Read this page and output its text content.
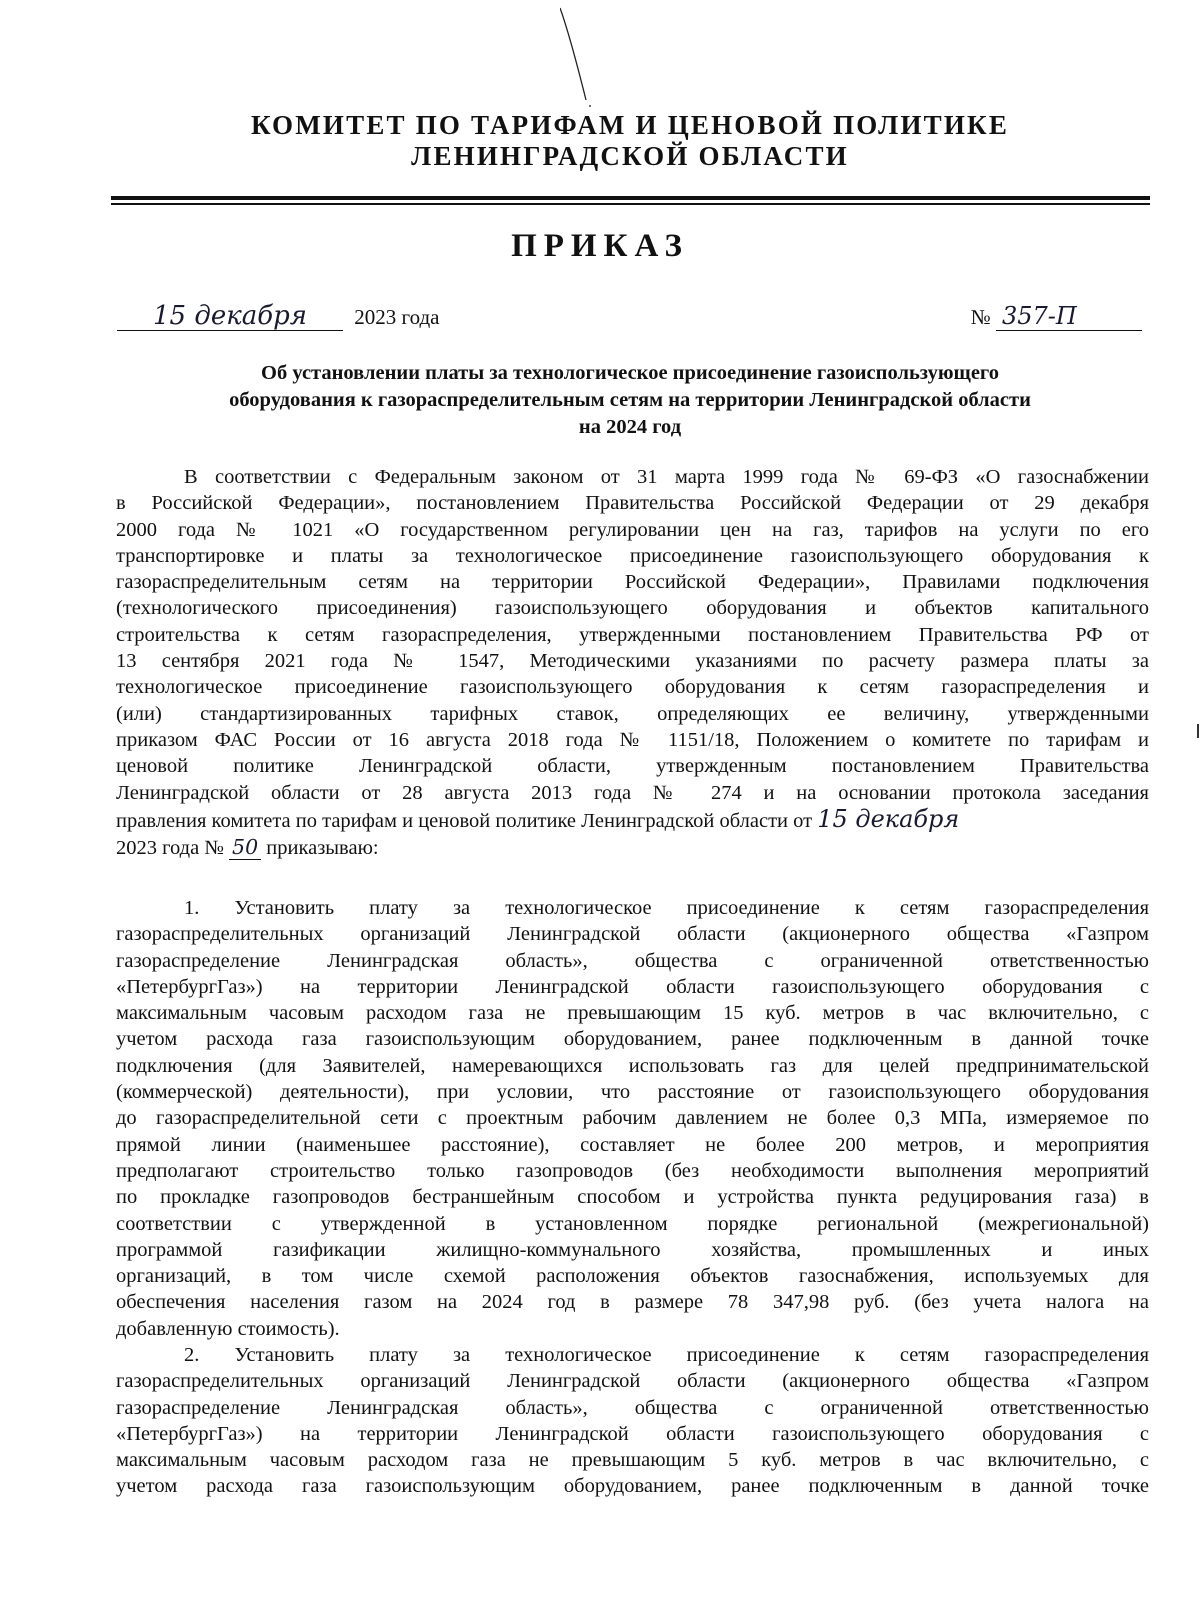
КОМИТЕТ ПО ТАРИФАМ И ЦЕНОВОЙ ПОЛИТИКЕ
ЛЕНИНГРАДСКОЙ ОБЛАСТИ
ПРИКАЗ
15 декабря 2023 года	№ 357-П
Об установлении платы за технологическое присоединение газоиспользующего
оборудования к газораспределительным сетям на территории Ленинградской области
на 2024 год
В соответствии с Федеральным законом от 31 марта 1999 года № 69-ФЗ «О газоснабжении
в Российской Федерации», постановлением Правительства Российской Федерации от 29 декабря
2000 года № 1021 «О государственном регулировании цен на газ, тарифов на услуги по его
транспортировке и платы за технологическое присоединение газоиспользующего оборудования к
газораспределительным сетям на территории Российской Федерации», Правилами подключения
(технологического присоединения) газоиспользующего оборудования и объектов капитального
строительства к сетям газораспределения, утвержденными постановлением Правительства РФ от
13 сентября 2021 года № 1547, Методическими указаниями по расчету размера платы за
технологическое присоединение газоиспользующего оборудования к сетям газораспределения и
(или) стандартизированных тарифных ставок, определяющих ее величину, утвержденными
приказом ФАС России от 16 августа 2018 года № 1151/18, Положением о комитете по тарифам и
ценовой политике Ленинградской области, утвержденным постановлением Правительства
Ленинградской области от 28 августа 2013 года № 274 и на основании протокола заседания
правления комитета по тарифам и ценовой политике Ленинградской области от 15 декабря
2023 года № 50 приказываю:
1. Установить плату за технологическое присоединение к сетям газораспределения
газораспределительных организаций Ленинградской области (акционерного общества «Газпром
газораспределение Ленинградская область», общества с ограниченной ответственностью
«ПетербургГаз») на территории Ленинградской области газоиспользующего оборудования с
максимальным часовым расходом газа не превышающим 15 куб. метров в час включительно, с
учетом расхода газа газоиспользующим оборудованием, ранее подключенным в данной точке
подключения (для Заявителей, намеревающихся использовать газ для целей предпринимательской
(коммерческой) деятельности), при условии, что расстояние от газоиспользующего оборудования
до газораспределительной сети с проектным рабочим давлением не более 0,3 МПа, измеряемое по
прямой линии (наименьшее расстояние), составляет не более 200 метров, и мероприятия
предполагают строительство только газопроводов (без необходимости выполнения мероприятий
по прокладке газопроводов бестраншейным способом и устройства пункта редуцирования газа) в
соответствии с утвержденной в установленном порядке региональной (межрегиональной)
программой газификации жилищно-коммунального хозяйства, промышленных и иных
организаций, в том числе схемой расположения объектов газоснабжения, используемых для
обеспечения населения газом на 2024 год в размере 78 347,98 руб. (без учета налога на
добавленную стоимость).
2. Установить плату за технологическое присоединение к сетям газораспределения
газораспределительных организаций Ленинградской области (акционерного общества «Газпром
газораспределение Ленинградская область», общества с ограниченной ответственностью
«ПетербургГаз») на территории Ленинградской области газоиспользующего оборудования с
максимальным часовым расходом газа не превышающим 5 куб. метров в час включительно, с
учетом расхода газа газоиспользующим оборудованием, ранее подключенным в данной точке
